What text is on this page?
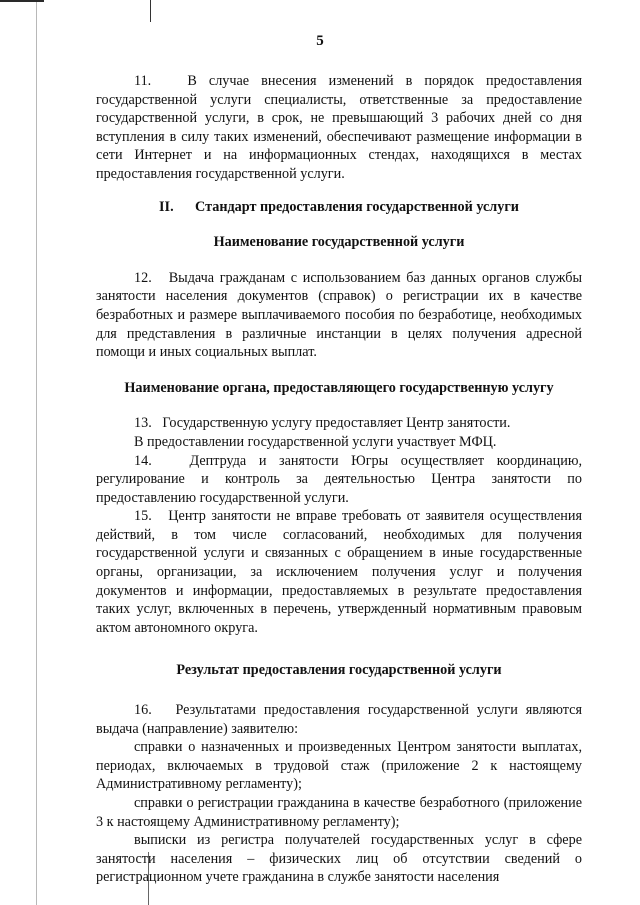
5

11.   В случае внесения изменений в порядок предоставления государственной услуги специалисты, ответственные за предоставление государственной услуги, в срок, не превышающий 3 рабочих дней со дня вступления в силу таких изменений, обеспечивают размещение информации в сети Интернет и на информационных стендах, находящихся в местах предоставления государственной услуги.

II. Стандарт предоставления государственной услуги

Наименование государственной услуги

12.   Выдача гражданам с использованием баз данных органов службы занятости населения документов (справок) о регистрации их в качестве безработных и размере выплачиваемого пособия по безработице, необходимых для представления в различные инстанции в целях получения адресной помощи и иных социальных выплат.

Наименование органа, предоставляющего государственную услугу

13.   Государственную услугу предоставляет Центр занятости.

В предоставлении государственной услуги участвует МФЦ.

14.   Дептруда и занятости Югры осуществляет координацию, регулирование и контроль за деятельностью Центра занятости по предоставлению государственной услуги.

15.   Центр занятости не вправе требовать от заявителя осуществления действий, в том числе согласований, необходимых для получения государственной услуги и связанных с обращением в иные государственные органы, организации, за исключением получения услуг и получения документов и информации, предоставляемых в результате предоставления таких услуг, включенных в перечень, утвержденный нормативным правовым актом автономного округа.

Результат предоставления государственной услуги

16.   Результатами предоставления государственной услуги являются выдача (направление) заявителю:

справки о назначенных и произведенных Центром занятости выплатах, периодах, включаемых в трудовой стаж (приложение 2 к настоящему Административному регламенту);

справки о регистрации гражданина в качестве безработного (приложение 3 к настоящему Административному регламенту);

выписки из регистра получателей государственных услуг в сфере занятости населения – физических лиц об отсутствии сведений о регистрационном учете гражданина в службе занятости населения
